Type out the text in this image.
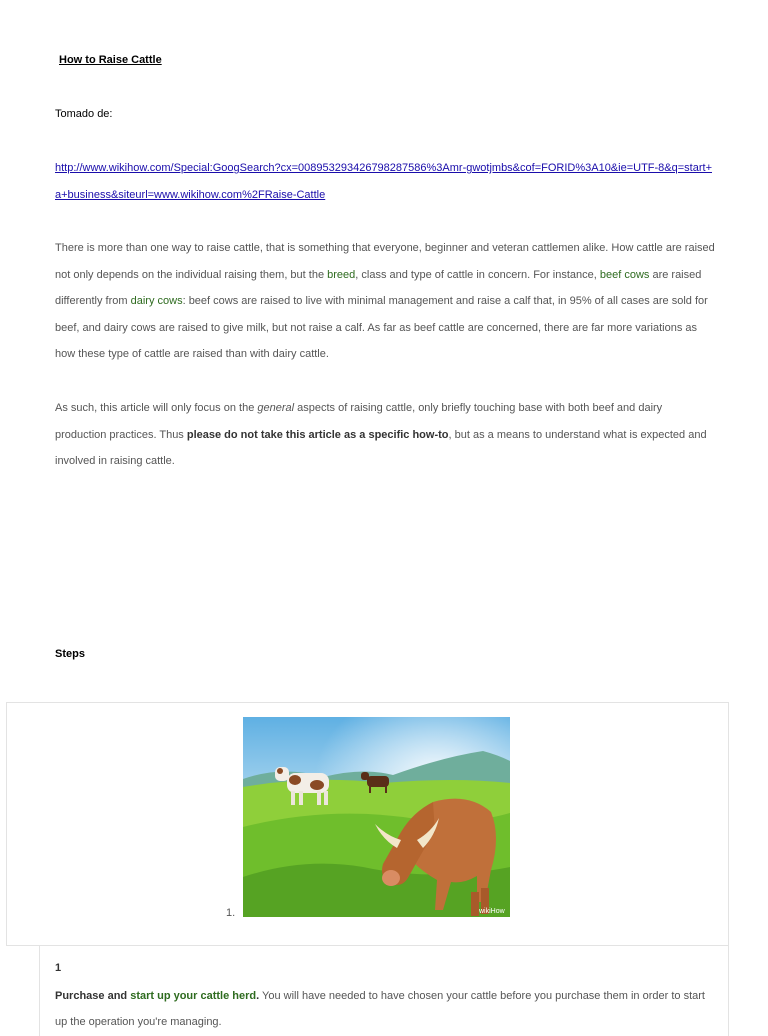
How to Raise Cattle
Tomado de:
http://www.wikihow.com/Special:GoogSearch?cx=008953293426798287586%3Amr-gwotjmbs&cof=FORID%3A10&ie=UTF-8&q=start+a+business&siteurl=www.wikihow.com%2FRaise-Cattle

There is more than one way to raise cattle, that is something that everyone, beginner and veteran cattlemen alike. How cattle are raised not only depends on the individual raising them, but the breed, class and type of cattle in concern. For instance, beef cows are raised differently from dairy cows: beef cows are raised to live with minimal management and raise a calf that, in 95% of all cases are sold for beef, and dairy cows are raised to give milk, but not raise a calf. As far as beef cattle are concerned, there are far more variations as how these type of cattle are raised than with dairy cattle.

As such, this article will only focus on the general aspects of raising cattle, only briefly touching base with both beef and dairy production practices. Thus please do not take this article as a specific how-to, but as a means to understand what is expected and involved in raising cattle.

Steps
1.	wikiHow
1

Purchase and start up your cattle herd. You will have needed to have chosen your cattle before you purchase them in order to start up the operation you're managing.
